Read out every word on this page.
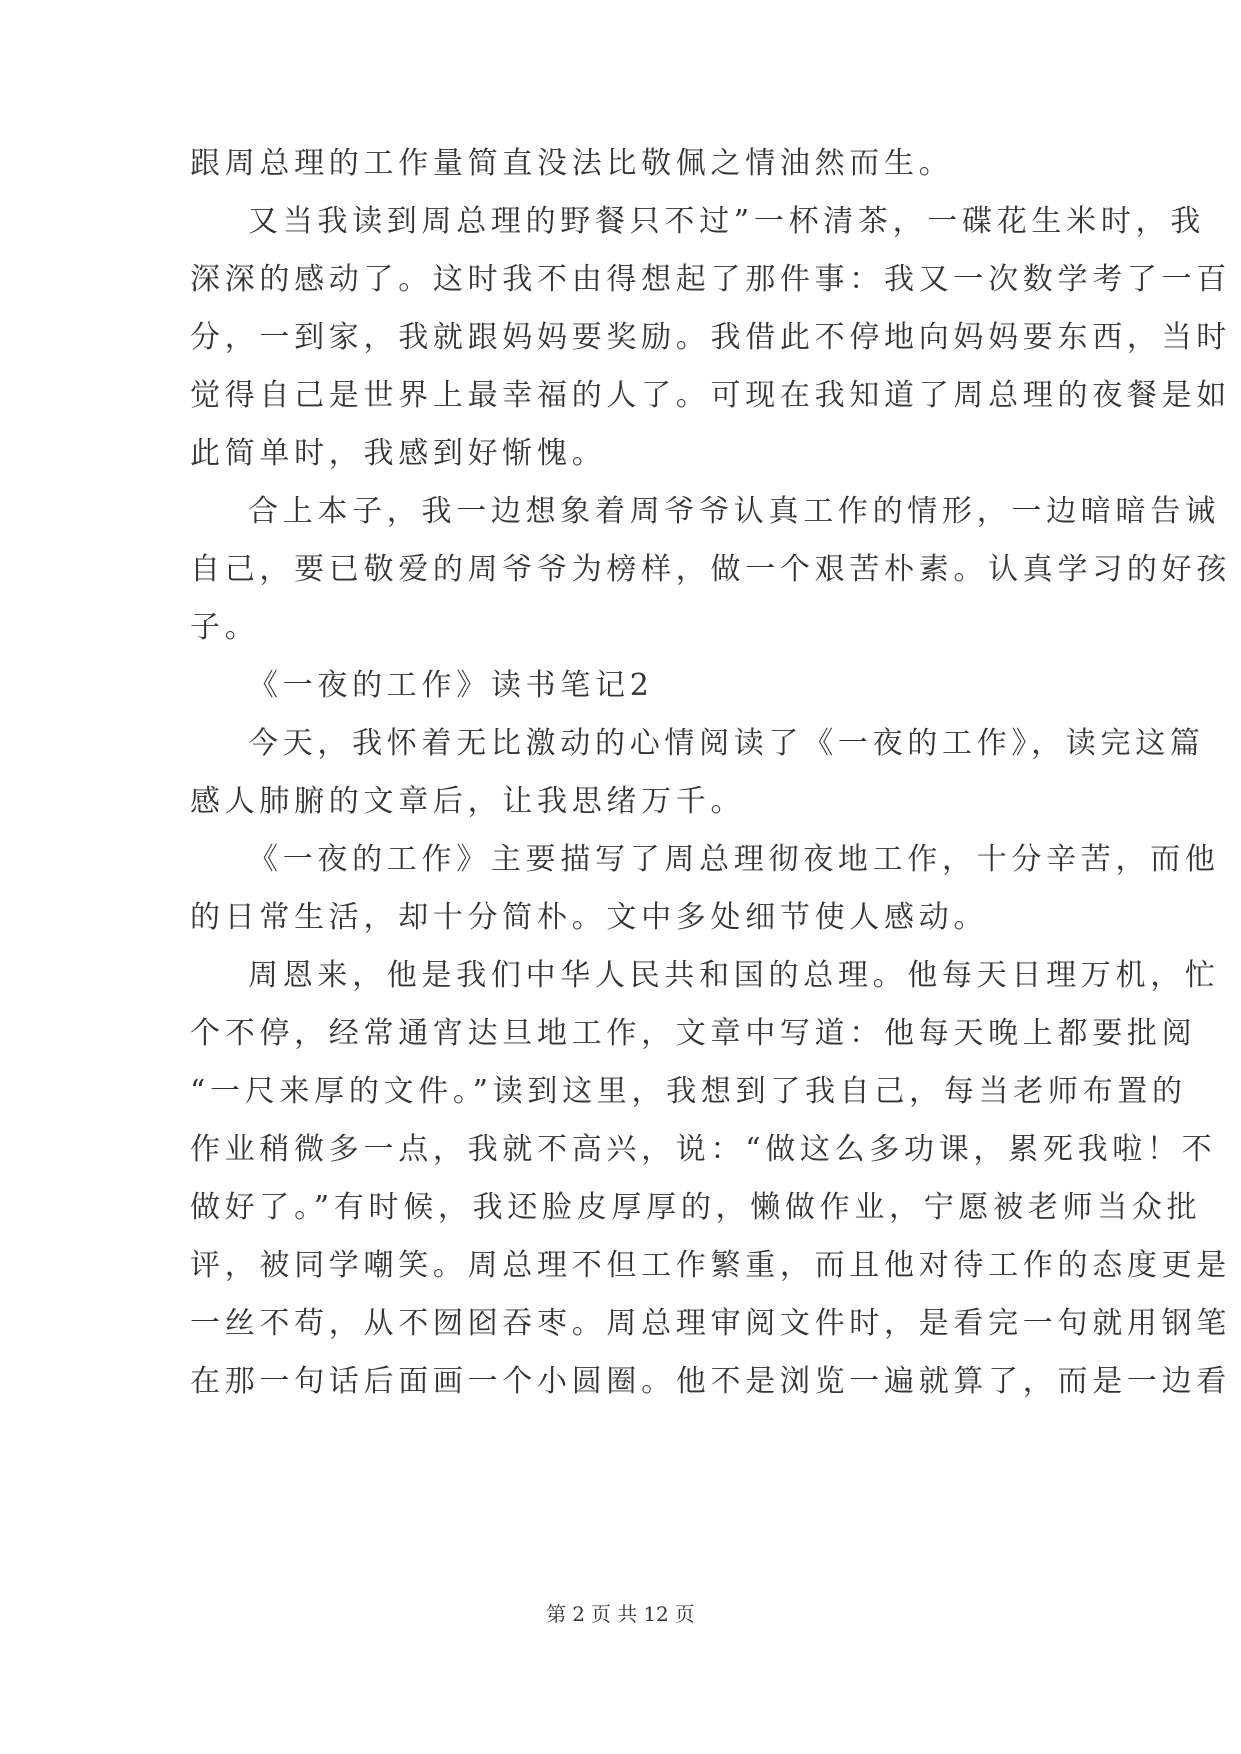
跟周总理的工作量简直没法比敬佩之情油然而生。
又当我读到周总理的野餐只不过”一杯清茶，一碟花生米时，我
深深的感动了。这时我不由得想起了那件事：我又一次数学考了一百
分，一到家，我就跟妈妈要奖励。我借此不停地向妈妈要东西，当时
觉得自己是世界上最幸福的人了。可现在我知道了周总理的夜餐是如
此简单时，我感到好惭愧。
合上本子，我一边想象着周爷爷认真工作的情形，一边暗暗告诫
自己，要已敬爱的周爷爷为榜样，做一个艰苦朴素。认真学习的好孩
子。
《一夜的工作》读书笔记2
今天，我怀着无比激动的心情阅读了《一夜的工作》，读完这篇
感人肺腑的文章后，让我思绪万千。
《一夜的工作》主要描写了周总理彻夜地工作，十分辛苦，而他
的日常生活，却十分简朴。文中多处细节使人感动。
周恩来，他是我们中华人民共和国的总理。他每天日理万机，忙
个不停，经常通宵达旦地工作，文章中写道：他每天晚上都要批阅
“一尺来厚的文件。”读到这里，我想到了我自己，每当老师布置的
作业稍微多一点，我就不高兴，说：“做这么多功课，累死我啦！不
做好了。”有时候，我还脸皮厚厚的，懒做作业，宁愿被老师当众批
评，被同学嘲笑。周总理不但工作繁重，而且他对待工作的态度更是
一丝不苟，从不囫囵吞枣。周总理审阅文件时，是看完一句就用钢笔
在那一句话后面画一个小圆圈。他不是浏览一遍就算了，而是一边看
第 2 页 共 12 页
